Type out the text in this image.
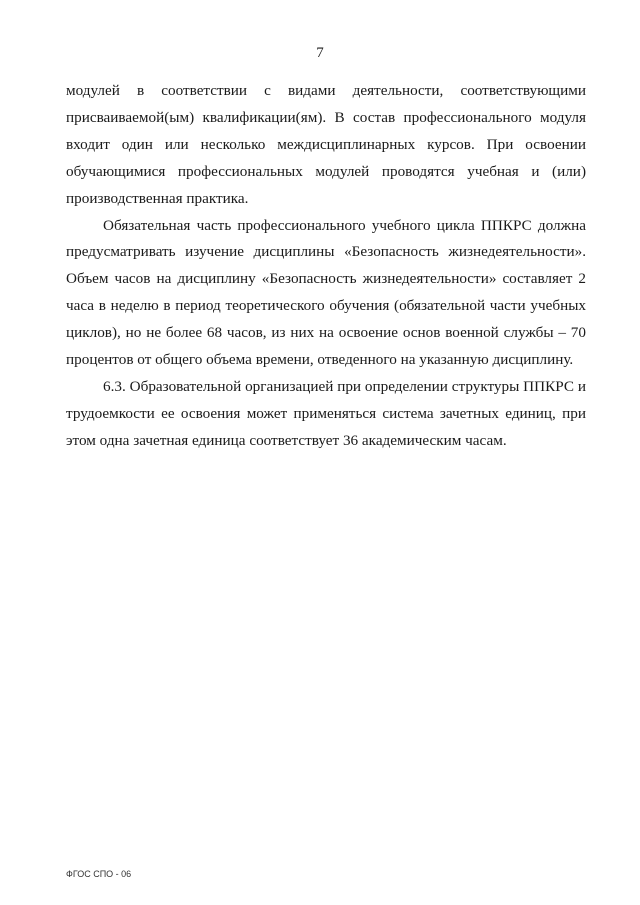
7

модулей в соответствии с видами деятельности, соответствующими присваиваемой(ым) квалификации(ям). В состав профессионального модуля входит один или несколько междисциплинарных курсов. При освоении обучающимися профессиональных модулей проводятся учебная и (или) производственная практика.

Обязательная часть профессионального учебного цикла ППКРС должна предусматривать изучение дисциплины «Безопасность жизнедеятельности». Объем часов на дисциплину «Безопасность жизнедеятельности» составляет 2 часа в неделю в период теоретического обучения (обязательной части учебных циклов), но не более 68 часов, из них на освоение основ военной службы – 70 процентов от общего объема времени, отведенного на указанную дисциплину.

6.3. Образовательной организацией при определении структуры ППКРС и трудоемкости ее освоения может применяться система зачетных единиц, при этом одна зачетная единица соответствует 36 академическим часам.

ФГОС СПО - 06
